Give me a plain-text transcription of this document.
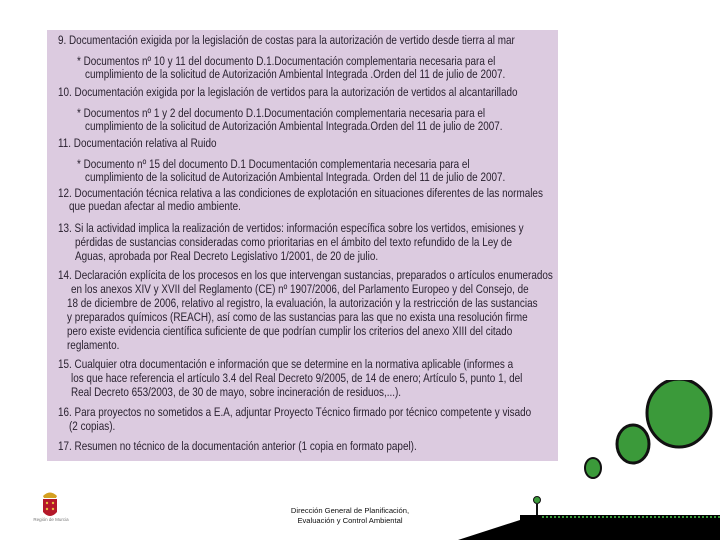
9. Documentación exigida por la legislación de costas para la autorización de vertido desde tierra al mar
* Documentos nº 10 y 11 del documento D.1.Documentación complementaria necesaria para el
cumplimiento de la solicitud de Autorización Ambiental Integrada .Orden del 11 de julio de 2007.
10. Documentación exigida por la legislación de vertidos para la autorización de vertidos al alcantarillado
* Documentos nº 1 y 2 del documento D.1.Documentación complementaria necesaria para el
cumplimiento de la solicitud de Autorización Ambiental Integrada.Orden del 11 de julio de 2007.
11. Documentación relativa al Ruido
* Documento nº 15 del documento D.1 Documentación complementaria necesaria para el
cumplimiento de la solicitud de Autorización Ambiental Integrada. Orden del 11 de julio de 2007.
12. Documentación técnica relativa a las condiciones de explotación en situaciones diferentes de las normales
que puedan afectar al medio ambiente.
13. Si la actividad implica la realización de vertidos: información específica sobre los vertidos, emisiones y
pérdidas de sustancias consideradas como prioritarias en el ámbito del texto refundido de la Ley de
Aguas, aprobada por Real Decreto Legislativo 1/2001, de 20 de julio.
14. Declaración explícita de los procesos en los que intervengan sustancias, preparados o artículos enumerados
en los anexos XIV y XVII del Reglamento (CE) nº 1907/2006, del Parlamento Europeo y del Consejo, de
18 de diciembre de 2006, relativo al registro, la evaluación, la autorización y la restricción de las sustancias
y preparados químicos (REACH), así como de las sustancias para las que no exista una resolución firme
pero existe evidencia científica suficiente de que podrían cumplir los criterios del anexo XIII del citado
reglamento.
15. Cualquier otra documentación e información que se determine en la normativa aplicable (informes a
los que hace referencia el artículo 3.4 del Real Decreto 9/2005, de 14 de enero; Artículo 5, punto 1, del
Real Decreto 653/2003, de 30 de mayo, sobre incineración de residuos,...).
16. Para proyectos no sometidos a E.A, adjuntar Proyecto Técnico firmado por técnico competente y visado
(2 copias).
17. Resumen no técnico de la documentación anterior (1 copia en formato papel).
Región de Murcia
Dirección General de Planificación,
Evaluación y Control Ambiental
